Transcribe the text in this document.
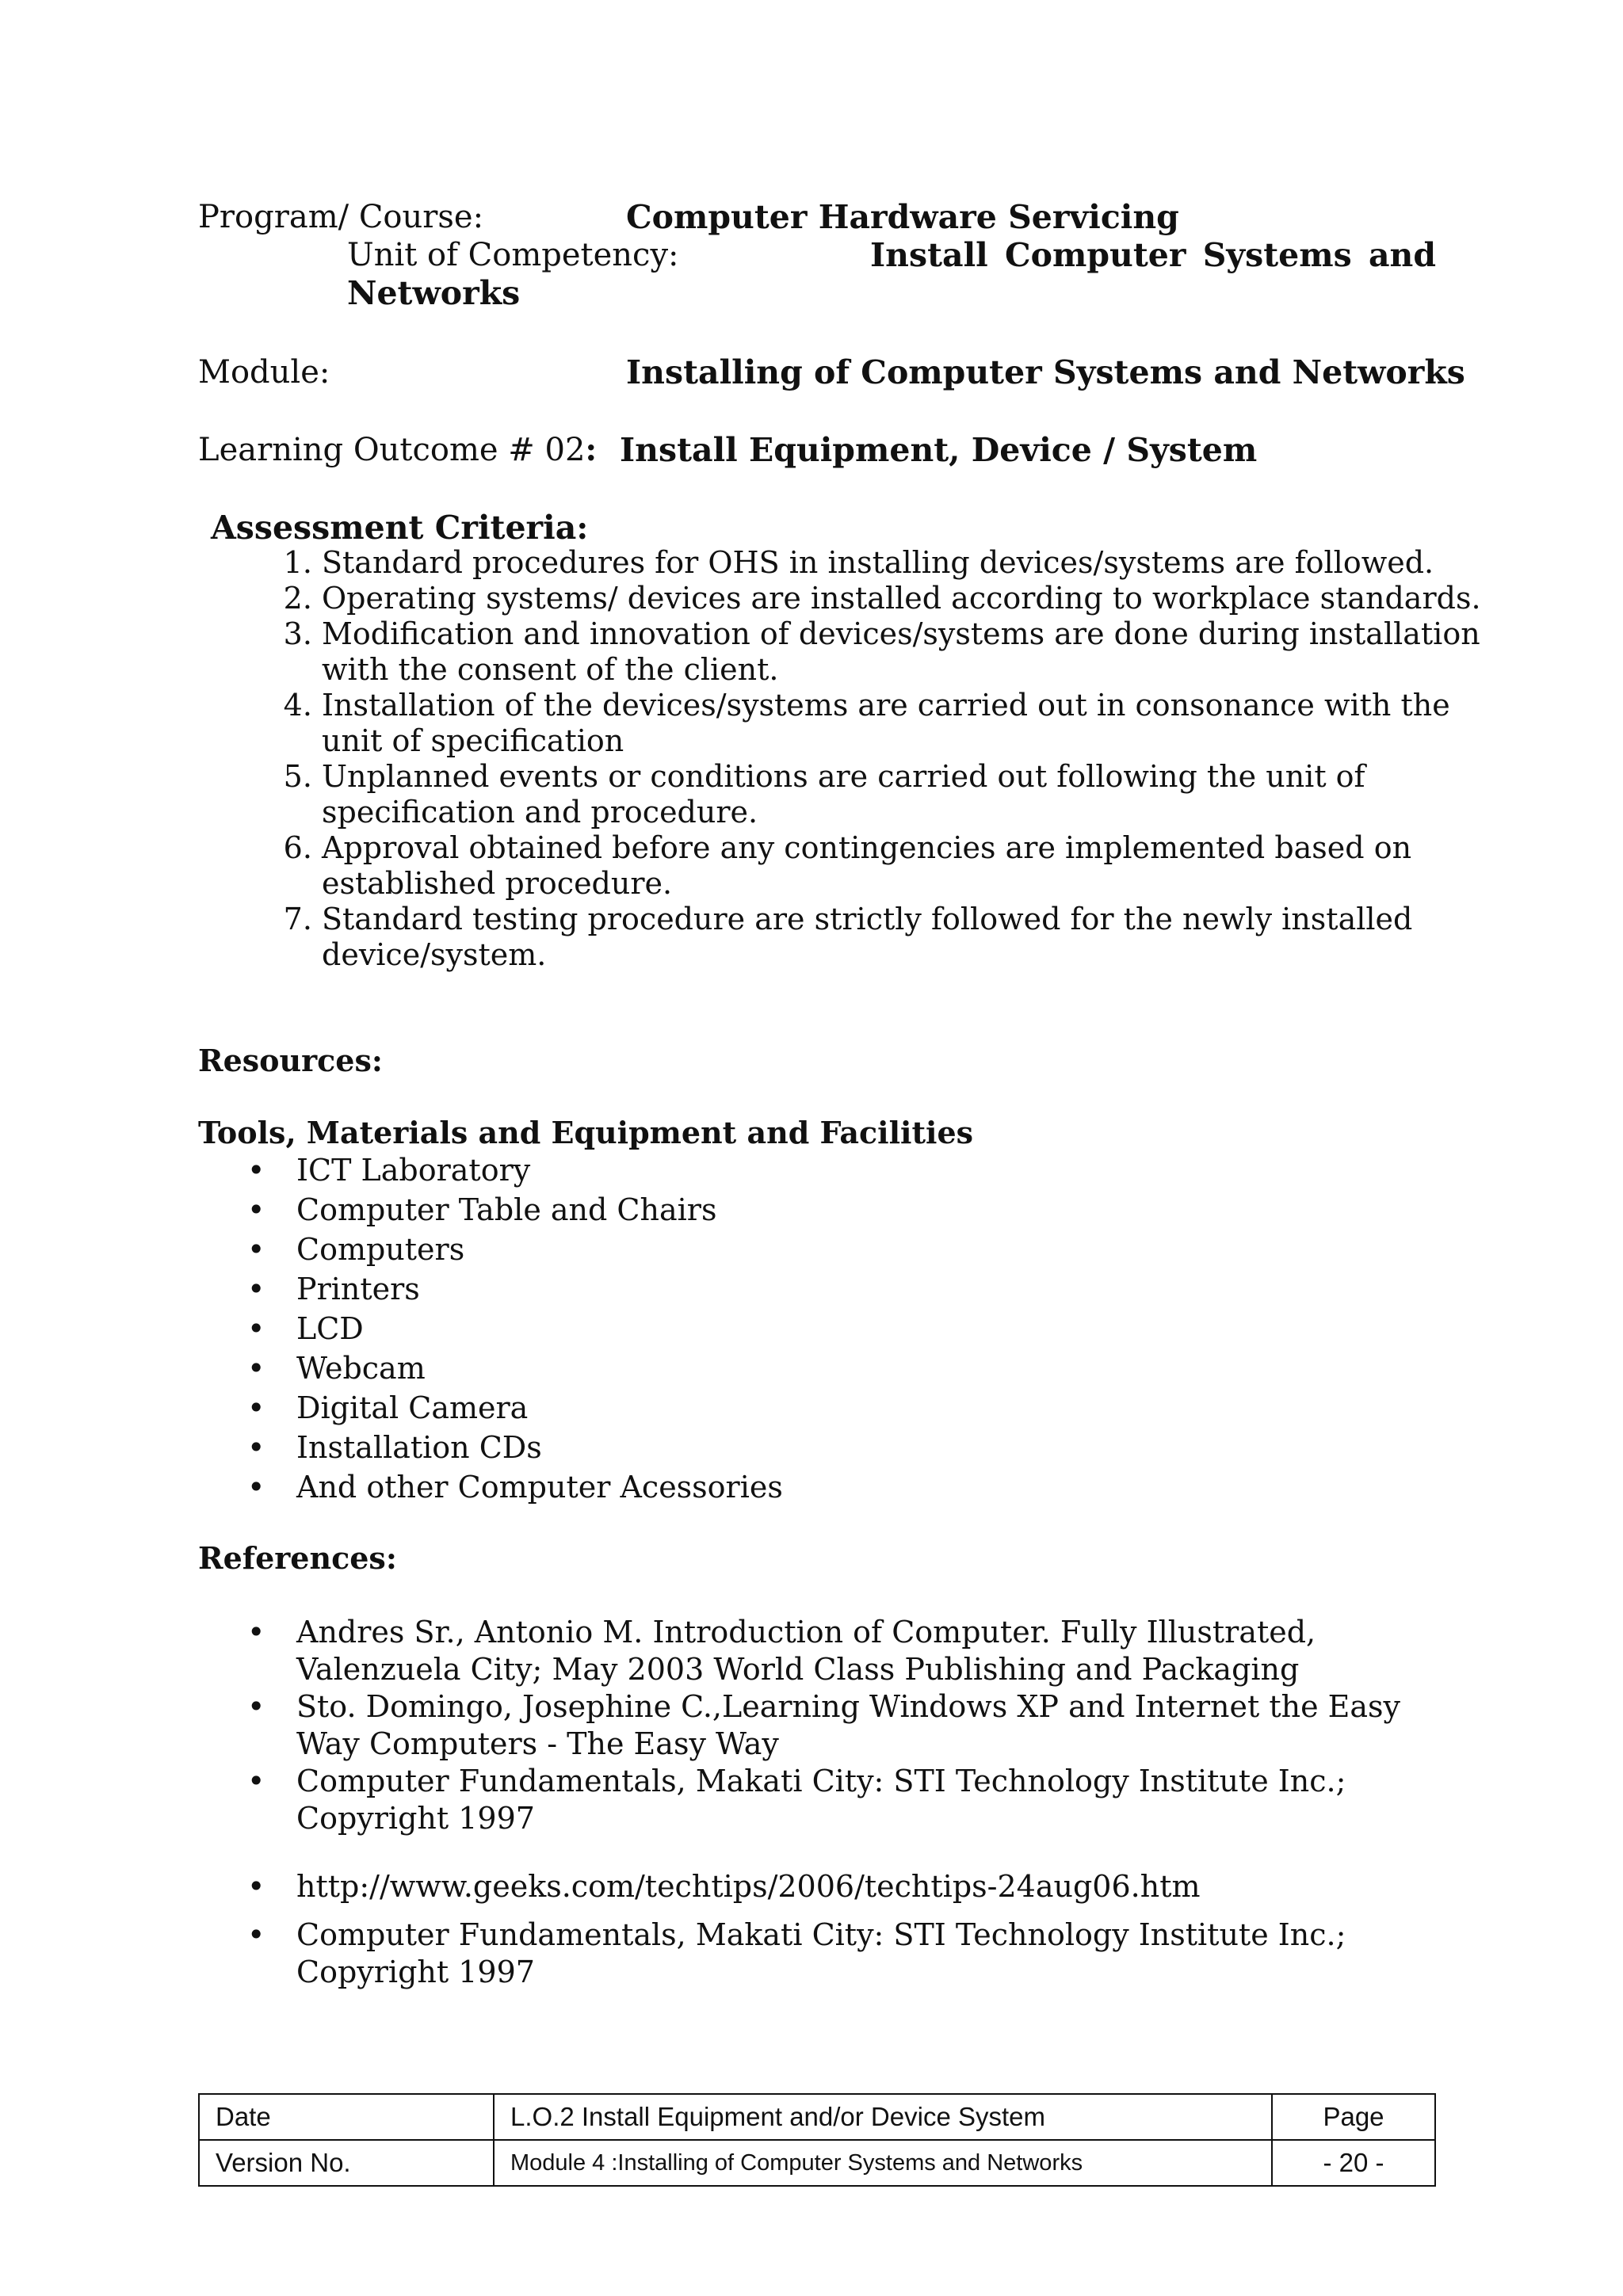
Program/ Course:	Computer Hardware Servicing
Unit of Competency:	Install Computer Systems and
Networks
Module:	Installing of Computer Systems and Networks
Learning Outcome # 02: Install Equipment, Device / System
Assessment Criteria:
1. Standard procedures for OHS in installing devices/systems are followed.
2. Operating systems/ devices are installed according to workplace standards.
3. Modification and innovation of devices/systems are done during installation with the consent of the client.
4. Installation of the devices/systems are carried out in consonance with the unit of specification
5. Unplanned events or conditions are carried out following the unit of specification and procedure.
6. Approval obtained before any contingencies are implemented based on established procedure.
7. Standard testing procedure are strictly followed for the newly installed device/system.
Resources:
Tools, Materials and Equipment and Facilities
• ICT Laboratory
• Computer Table and Chairs
• Computers
• Printers
• LCD
• Webcam
• Digital Camera
• Installation CDs
• And other Computer Acessories
References:
• Andres Sr., Antonio M. Introduction of Computer. Fully Illustrated, Valenzuela City; May 2003 World Class Publishing and Packaging
• Sto. Domingo, Josephine C.,Learning Windows XP and Internet the Easy Way Computers - The Easy Way
• Computer Fundamentals, Makati City: STI Technology Institute Inc.; Copyright 1997
• http://www.geeks.com/techtips/2006/techtips-24aug06.htm
• Computer Fundamentals, Makati City: STI Technology Institute Inc.; Copyright 1997
Date	L.O.2 Install Equipment and/or Device System	Page
Version No.	Module 4 :Installing of Computer Systems and Networks	- 20 -
